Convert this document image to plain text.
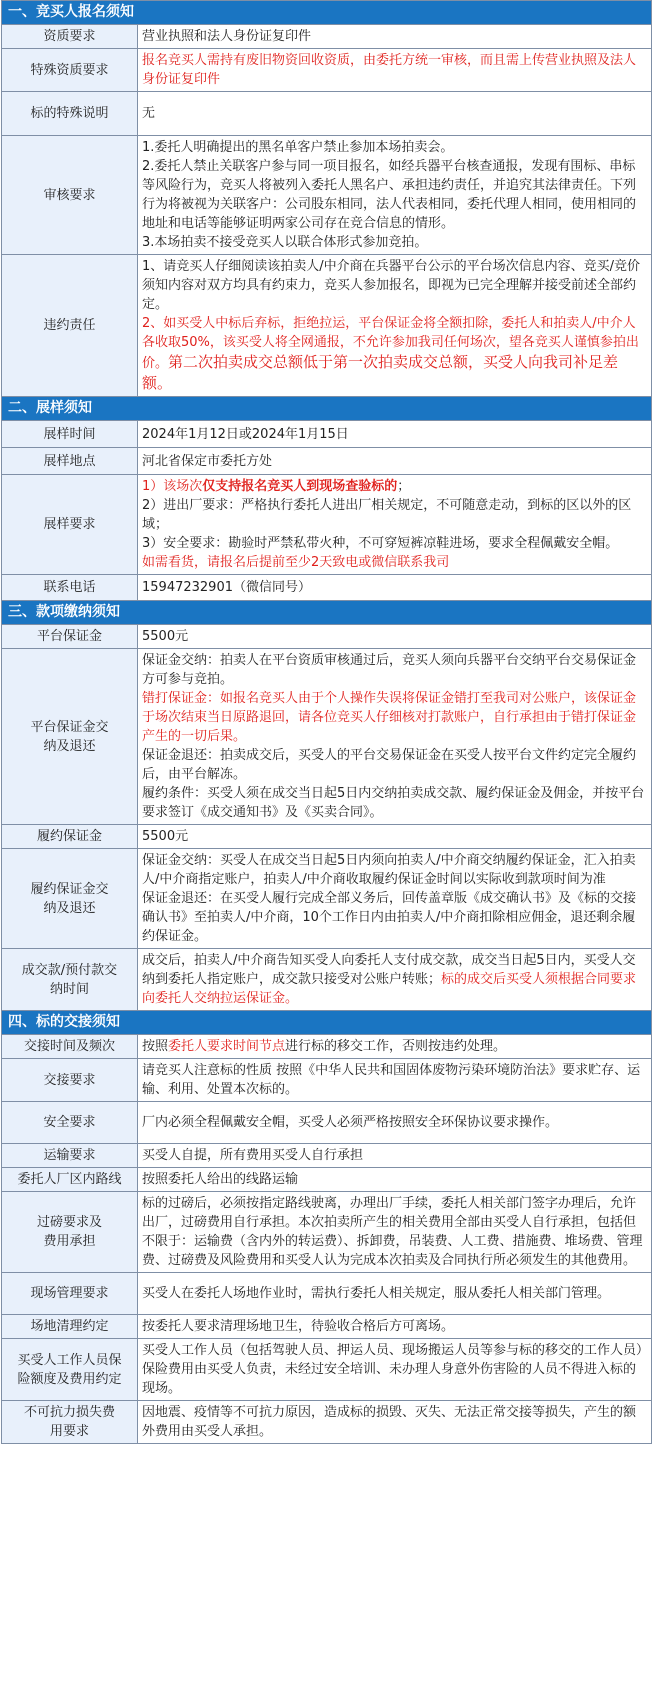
一、竞买人报名须知	
资质要求	营业执照和法人身份证复印件
特殊资质要求	报名竞买人需持有废旧物资回收资质，由委托方统一审核，而且需上传营业执照及法人身份证复印件
标的特殊说明	无
审核要求	1.委托人明确提出的黑名单客户禁止参加本场拍卖会。
2.委托人禁止关联客户参与同一项目报名，如经兵器平台核查通报，发现有围标、串标等风险行为，竞买人将被列入委托人黑名户、承担违约责任，并追究其法律责任。下列行为将被视为关联客户：公司股东相同，法人代表相同，委托代理人相同，使用相同的地址和电话等能够证明两家公司存在竞合信息的情形。
3.本场拍卖不接受竞买人以联合体形式参加竞拍。

违约责任	1、请竞买人仔细阅读该拍卖人/中介商在兵器平台公示的平台场次信息内容、竞买/竞价须知内容对双方均具有约束力，竞买人参加报名，即视为已完全理解并接受前述全部约定。
2、如买受人中标后弃标，拒绝拉运，平台保证金将全额扣除，委托人和拍卖人/中介人各收取50%，该买受人将全网通报，不允许参加我司任何场次，望各竞买人谨慎参拍出价。第二次拍卖成交总额低于第一次拍卖成交总额，买受人向我司补足差额。
二、展样须知	
展样时间	2024年1月12日或2024年1月15日
展样地点	河北省保定市委托方处
展样要求	1）该场次仅支持报名竞买人到现场查验标的；
2）进出厂要求：严格执行委托人进出厂相关规定，不可随意走动，到标的区以外的区域；
3）安全要求：勘验时严禁私带火种，不可穿短裤凉鞋进场，要求全程佩戴安全帽。
如需看货，请报名后提前至少2天致电或微信联系我司

联系电话	15947232901（微信同号）
三、款项缴纳须知	
平台保证金	5500元

平台保证金交纳及退还	保证金交纳：拍卖人在平台资质审核通过后，竞买人须向兵器平台交纳平台交易保证金方可参与竞拍。
错打保证金：如报名竞买人由于个人操作失误将保证金错打至我司对公账户，该保证金于场次结束当日原路退回，请各位竞买人仔细核对打款账户，自行承担由于错打保证金产生的一切后果。
保证金退还：拍卖成交后，买受人的平台交易保证金在买受人按平台文件约定完全履约后，由平台解冻。
履约条件：买受人须在成交当日起5日内交纳拍卖成交款、履约保证金及佣金，并按平台要求签订《成交通知书》及《买卖合同》。

履约保证金	5500元

履约保证金交纳及退还	保证金交纳：买受人在成交当日起5日内须向拍卖人/中介商交纳履约保证金，汇入拍卖人/中介商指定账户，拍卖人/中介商收取履约保证金时间以实际收到款项时间为准
保证金退还：在买受人履行完成全部义务后，回传盖章版《成交确认书》及《标的交接确认书》至拍卖人/中介商，10个工作日内由拍卖人/中介商扣除相应佣金，退还剩余履约保证金。

成交款/预付款交纳时间	成交后，拍卖人/中介商告知买受人向委托人支付成交款，成交当日起5日内，买受人交纳到委托人指定账户，成交款只接受对公账户转账；标的成交后买受人须根据合同要求向委托人交纳拉运保证金。
四、标的交接须知	
交接时间及频次	按照委托人要求时间节点进行标的移交工作，否则按违约处理。
交接要求	请竞买人注意标的性质 按照《中华人民共和国固体废物污染环境防治法》要求贮存、运输、利用、处置本次标的。
安全要求	厂内必须全程佩戴安全帽，买受人必须严格按照安全环保协议要求操作。
运输要求	买受人自提，所有费用买受人自行承担
委托人厂区内路线	按照委托人给出的线路运输

过磅要求及费用承担	标的过磅后，必须按指定路线驶离，办理出厂手续，委托人相关部门签字办理后，允许出厂，过磅费用自行承担。本次拍卖所产生的相关费用全部由买受人自行承担，包括但不限于：运输费（含内外的转运费）、拆卸费，吊装费、人工费、措施费、堆场费、管理费、过磅费及风险费用和买受人认为完成本次拍卖及合同执行所必须发生的其他费用。
现场管理要求	买受人在委托人场地作业时，需执行委托人相关规定，服从委托人相关部门管理。
场地清理约定	按委托人要求清理场地卫生，待验收合格后方可离场。

买受人工作人员保险额度及费用约定	买受人工作人员（包括驾驶人员、押运人员、现场搬运人员等参与标的移交的工作人员）保险费用由买受人负责，未经过安全培训、未办理人身意外伤害险的人员不得进入标的现场。

不可抗力损失费用要求	因地震、疫情等不可抗力原因，造成标的损毁、灭失、无法正常交接等损失，产生的额外费用由买受人承担。
